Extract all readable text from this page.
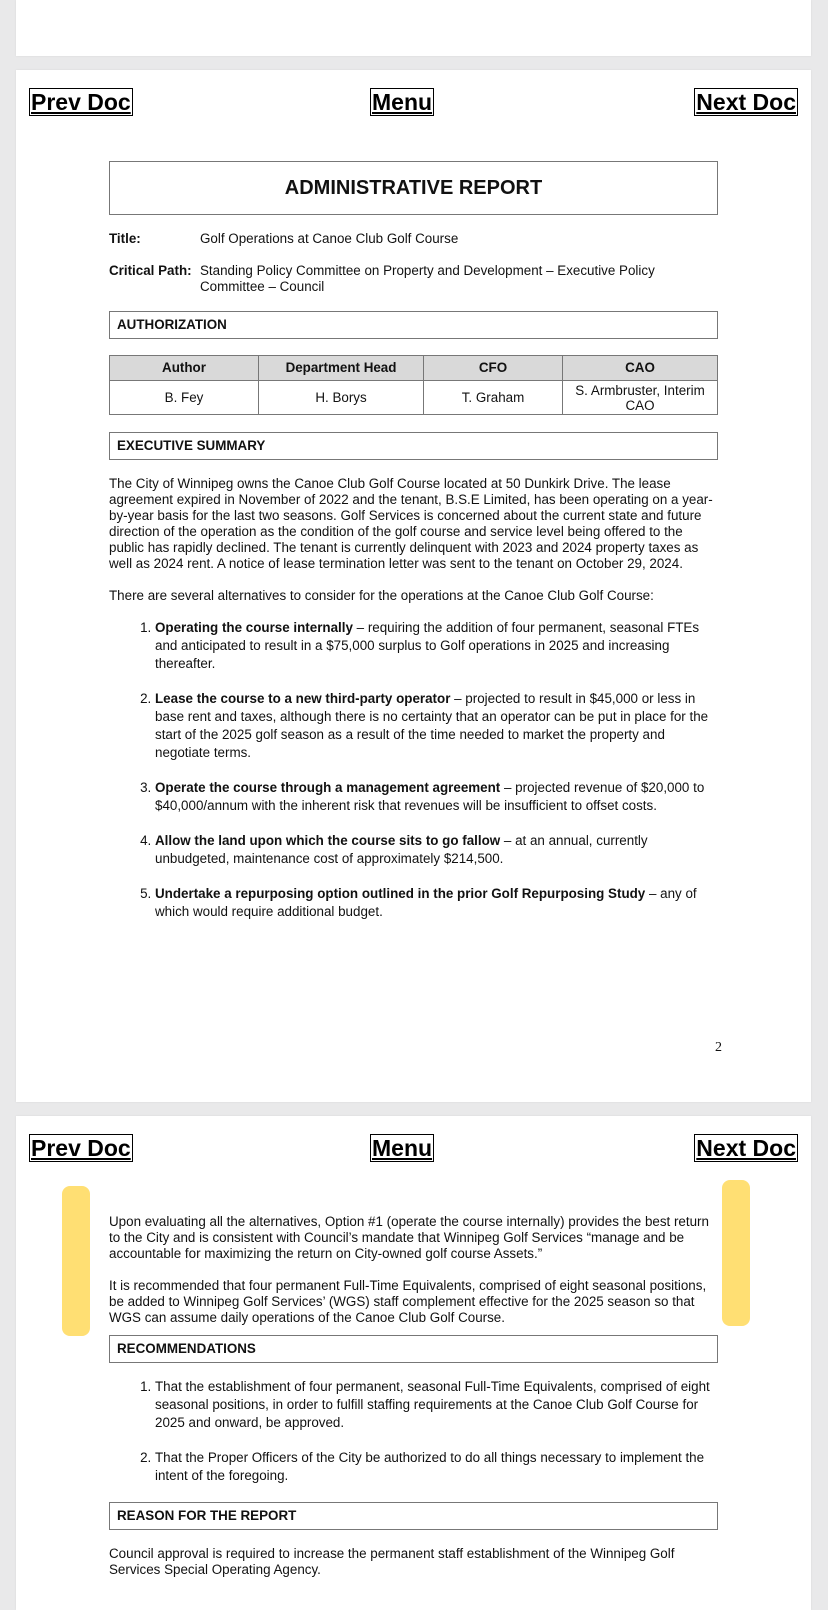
Prev Doc	Menu	Next Doc
ADMINISTRATIVE REPORT
Title:	Golf Operations at Canoe Club Golf Course
Critical Path: Standing Policy Committee on Property and Development – Executive Policy Committee – Council
AUTHORIZATION
Author	Department Head	CFO	CAO
B. Fey	H. Borys	T. Graham	S. Armbruster, Interim CAO
EXECUTIVE SUMMARY

The City of Winnipeg owns the Canoe Club Golf Course located at 50 Dunkirk Drive. The lease agreement expired in November of 2022 and the tenant, B.S.E Limited, has been operating on a year-by-year basis for the last two seasons. Golf Services is concerned about the current state and future direction of the operation as the condition of the golf course and service level being offered to the public has rapidly declined. The tenant is currently delinquent with 2023 and 2024 property taxes as well as 2024 rent. A notice of lease termination letter was sent to the tenant on October 29, 2024.

There are several alternatives to consider for the operations at the Canoe Club Golf Course:

1. Operating the course internally – requiring the addition of four permanent, seasonal FTEs and anticipated to result in a $75,000 surplus to Golf operations in 2025 and increasing thereafter.
2. Lease the course to a new third-party operator – projected to result in $45,000 or less in base rent and taxes, although there is no certainty that an operator can be put in place for the start of the 2025 golf season as a result of the time needed to market the property and negotiate terms.
3. Operate the course through a management agreement – projected revenue of $20,000 to $40,000/annum with the inherent risk that revenues will be insufficient to offset costs.
4. Allow the land upon which the course sits to go fallow – at an annual, currently unbudgeted, maintenance cost of approximately $214,500.
5. Undertake a repurposing option outlined in the prior Golf Repurposing Study – any of which would require additional budget.
2
Prev Doc	Menu	Next Doc

Upon evaluating all the alternatives, Option #1 (operate the course internally) provides the best return to the City and is consistent with Council’s mandate that Winnipeg Golf Services “manage and be accountable for maximizing the return on City-owned golf course Assets.”

It is recommended that four permanent Full-Time Equivalents, comprised of eight seasonal positions, be added to Winnipeg Golf Services’ (WGS) staff complement effective for the 2025 season so that WGS can assume daily operations of the Canoe Club Golf Course.

RECOMMENDATIONS
1. That the establishment of four permanent, seasonal Full-Time Equivalents, comprised of eight seasonal positions, in order to fulfill staffing requirements at the Canoe Club Golf Course for 2025 and onward, be approved.
2. That the Proper Officers of the City be authorized to do all things necessary to implement the intent of the foregoing.
REASON FOR THE REPORT

Council approval is required to increase the permanent staff establishment of the Winnipeg Golf Services Special Operating Agency.
